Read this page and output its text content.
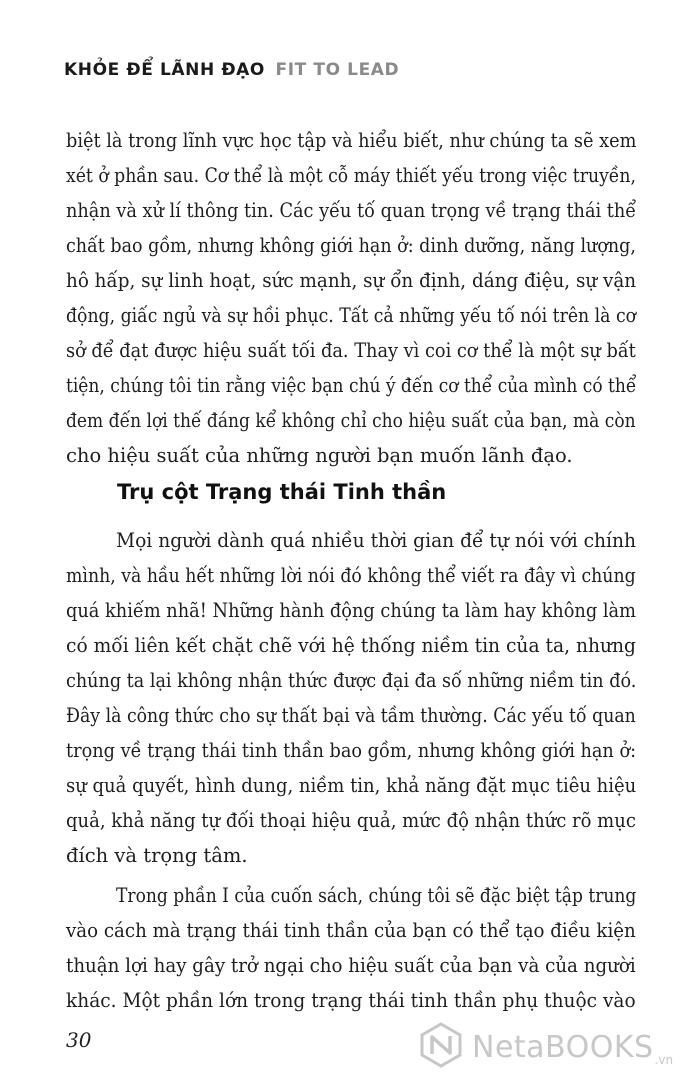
KHỎE ĐỂ LÃNH ĐẠO FIT TO LEAD
biệt là trong lĩnh vực học tập và hiểu biết, như chúng ta sẽ xem
xét ở phần sau. Cơ thể là một cỗ máy thiết yếu trong việc truyền,
nhận và xử lí thông tin. Các yếu tố quan trọng về trạng thái thể
chất bao gồm, nhưng không giới hạn ở: dinh dưỡng, năng lượng,
hô hấp, sự linh hoạt, sức mạnh, sự ổn định, dáng điệu, sự vận
động, giấc ngủ và sự hồi phục. Tất cả những yếu tố nói trên là cơ
sở để đạt được hiệu suất tối đa. Thay vì coi cơ thể là một sự bất
tiện, chúng tôi tin rằng việc bạn chú ý đến cơ thể của mình có thể
đem đến lợi thế đáng kể không chỉ cho hiệu suất của bạn, mà còn
cho hiệu suất của những người bạn muốn lãnh đạo.
Trụ cột Trạng thái Tinh thần
Mọi người dành quá nhiều thời gian để tự nói với chính
mình, và hầu hết những lời nói đó không thể viết ra đây vì chúng
quá khiếm nhã! Những hành động chúng ta làm hay không làm
có mối liên kết chặt chẽ với hệ thống niềm tin của ta, nhưng
chúng ta lại không nhận thức được đại đa số những niềm tin đó.
Đây là công thức cho sự thất bại và tầm thường. Các yếu tố quan
trọng về trạng thái tinh thần bao gồm, nhưng không giới hạn ở:
sự quả quyết, hình dung, niềm tin, khả năng đặt mục tiêu hiệu
quả, khả năng tự đối thoại hiệu quả, mức độ nhận thức rõ mục
đích và trọng tâm.
Trong phần I của cuốn sách, chúng tôi sẽ đặc biệt tập trung
vào cách mà trạng thái tinh thần của bạn có thể tạo điều kiện
thuận lợi hay gây trở ngại cho hiệu suất của bạn và của người
khác. Một phần lớn trong trạng thái tinh thần phụ thuộc vào
30	NetaBOOKS .vn
